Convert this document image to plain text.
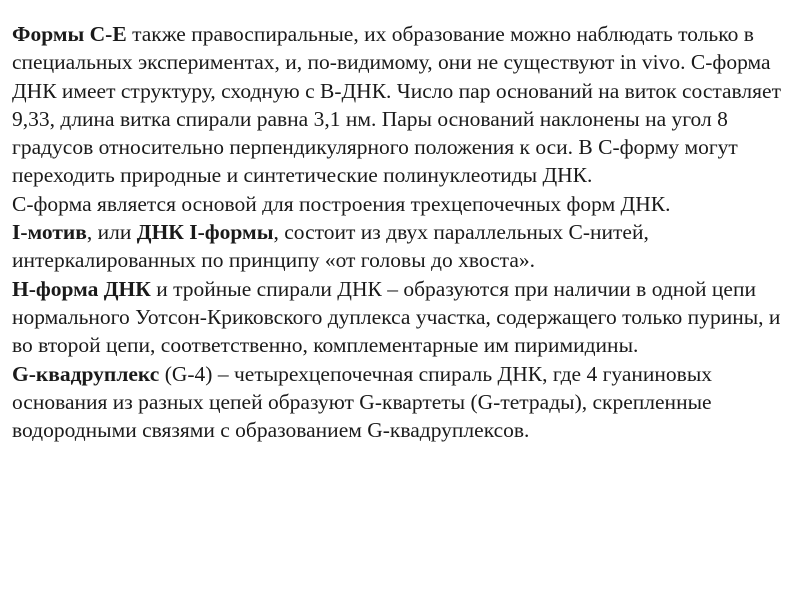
Формы C-E также правоспиральные, их образование можно наблюдать только в специальных экспериментах, и, по-видимому, они не существуют in vivo. С-форма ДНК имеет структуру, сходную с В-ДНК. Число пар оснований на виток составляет 9,33, длина витка спирали равна 3,1 нм. Пары оснований наклонены на угол 8 градусов относительно перпендикулярного положения к оси. В С-форму могут переходить природные и синтетические полинуклеотиды ДНК.

С-форма является основой для построения трехцепочечных форм ДНК.

I-мотив, или ДНК I-формы, состоит из двух параллельных С-нитей, интеркалированных по принципу «от головы до хвоста».

Н-форма ДНК и тройные спирали ДНК – образуются при наличии в одной цепи нормального Уотсон-Криковского дуплекса участка, содержащего только пурины, и во второй цепи, соответственно, комплементарные им пиримидины.

G-квадруплекс (G-4) – четырехцепочечная спираль ДНК, где 4 гуаниновых основания из разных цепей образуют G-квартеты (G-тетрады), скрепленные водородными связями с образованием G-квадруплексов.
